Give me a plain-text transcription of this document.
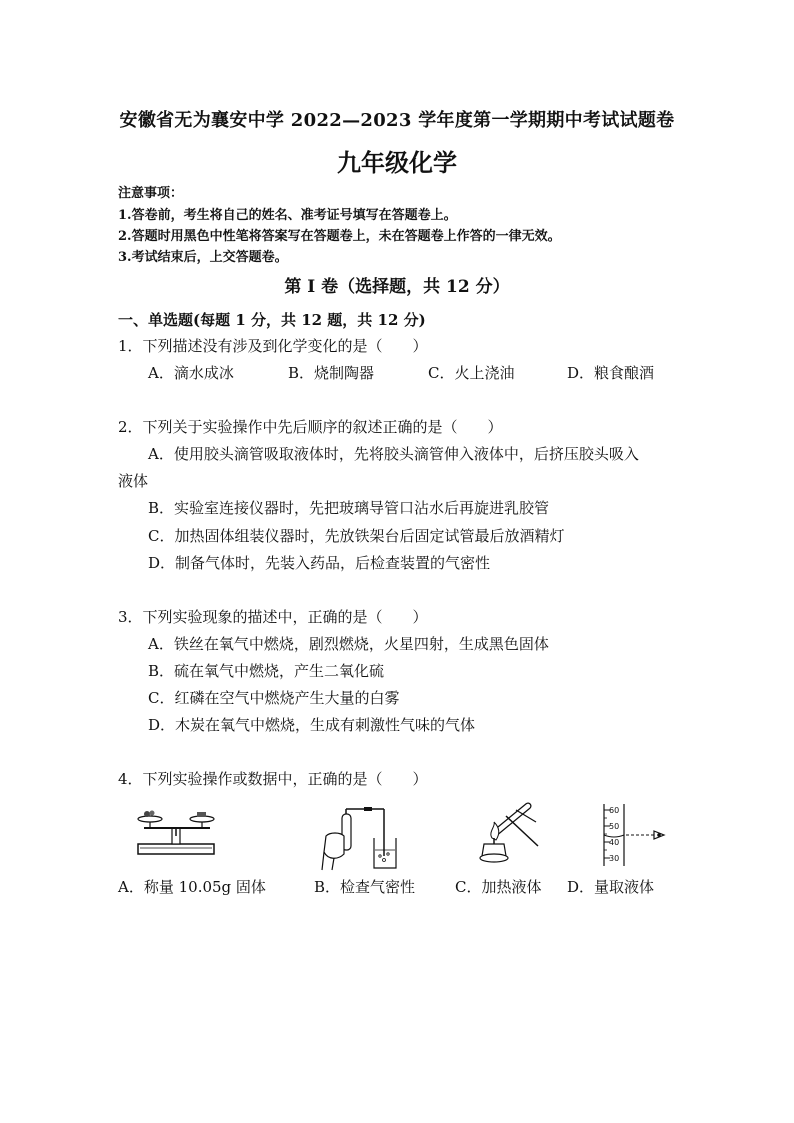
安徽省无为襄安中学 2022—2023 学年度第一学期期中考试试题卷
九年级化学
注意事项：
1.答卷前，考生将自己的姓名、准考证号填写在答题卷上。
2.答题时用黑色中性笔将答案写在答题卷上，未在答题卷上作答的一律无效。
3.考试结束后，上交答题卷。
第 I 卷（选择题，共 12 分）
一、单选题(每题 1 分，共 12 题，共 12 分)
1．下列描述没有涉及到化学变化的是（　　）
A．滴水成冰	B．烧制陶器	C．火上浇油	D．粮食酿酒
2．下列关于实验操作中先后顺序的叙述正确的是（　　）
A．使用胶头滴管吸取液体时，先将胶头滴管伸入液体中，后挤压胶头吸入
液体
B．实验室连接仪器时，先把玻璃导管口沾水后再旋进乳胶管
C．加热固体组装仪器时，先放铁架台后固定试管最后放酒精灯
D．制备气体时，先装入药品，后检查装置的气密性
3．下列实验现象的描述中，正确的是（　　）
A．铁丝在氧气中燃烧，剧烈燃烧，火星四射，生成黑色固体
B．硫在氧气中燃烧，产生二氧化硫
C．红磷在空气中燃烧产生大量的白雾
D．木炭在氧气中燃烧，生成有刺激性气味的气体
4．下列实验操作或数据中，正确的是（　　）
A．称量 10.05g 固体	B．检查气密性	C．加热液体
60
50
40
30
D．量取液体
